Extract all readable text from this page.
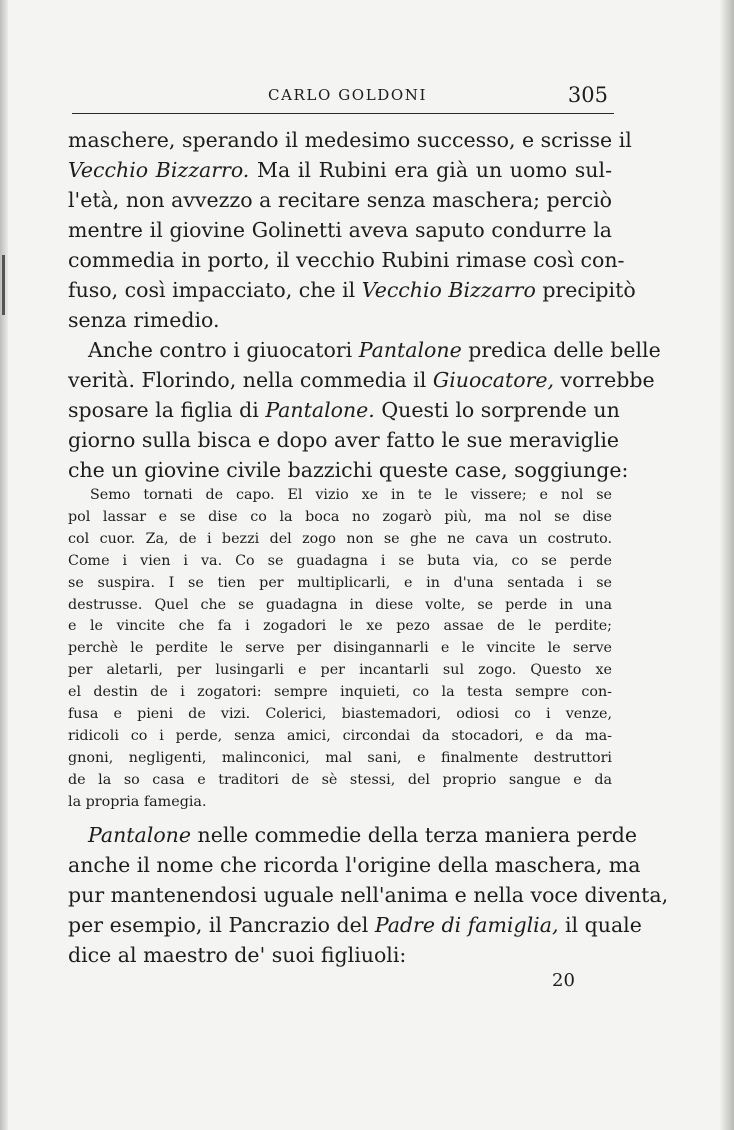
CARLO GOLDONI	305
maschere, sperando il medesimo successo, e scrisse il
Vecchio Bizzarro. Ma il Rubini era già un uomo sul-
l'età, non avvezzo a recitare senza maschera; perciò
mentre il giovine Golinetti aveva saputo condurre la
commedia in porto, il vecchio Rubini rimase così con-
fuso, così impacciato, che il Vecchio Bizzarro precipitò
senza rimedio.
Anche contro i giuocatori Pantalone predica delle belle
verità. Florindo, nella commedia il Giuocatore, vorrebbe
sposare la figlia di Pantalone. Questi lo sorprende un
giorno sulla bisca e dopo aver fatto le sue meraviglie
che un giovine civile bazzichi queste case, soggiunge:
Semo tornati de capo. El vizio xe in te le vissere; e nol se
pol lassar e se dise co la boca no zogarò più, ma nol se dise
col cuor. Za, de i bezzi del zogo non se ghe ne cava un costruto.
Come i vien i va. Co se guadagna i se buta via, co se perde
se suspira. I se tien per multiplicarli, e in d'una sentada i se
destrusse. Quel che se guadagna in diese volte, se perde in una
e le vincite che fa i zogadori le xe pezo assae de le perdite;
perchè le perdite le serve per disingannarli e le vincite le serve
per aletarli, per lusingarli e per incantarli sul zogo. Questo xe
el destin de i zogatori: sempre inquieti, co la testa sempre con-
fusa e pieni de vizi. Colerici, biastemadori, odiosi co i venze,
ridicoli co i perde, senza amici, circondai da stocadori, e da ma-
gnoni, negligenti, malinconici, mal sani, e finalmente destruttori
de la so casa e traditori de sè stessi, del proprio sangue e da
la propria famegia.
Pantalone nelle commedie della terza maniera perde
anche il nome che ricorda l'origine della maschera, ma
pur mantenendosi uguale nell'anima e nella voce diventa,
per esempio, il Pancrazio del Padre di famiglia, il quale
dice al maestro de' suoi figliuoli:
20
